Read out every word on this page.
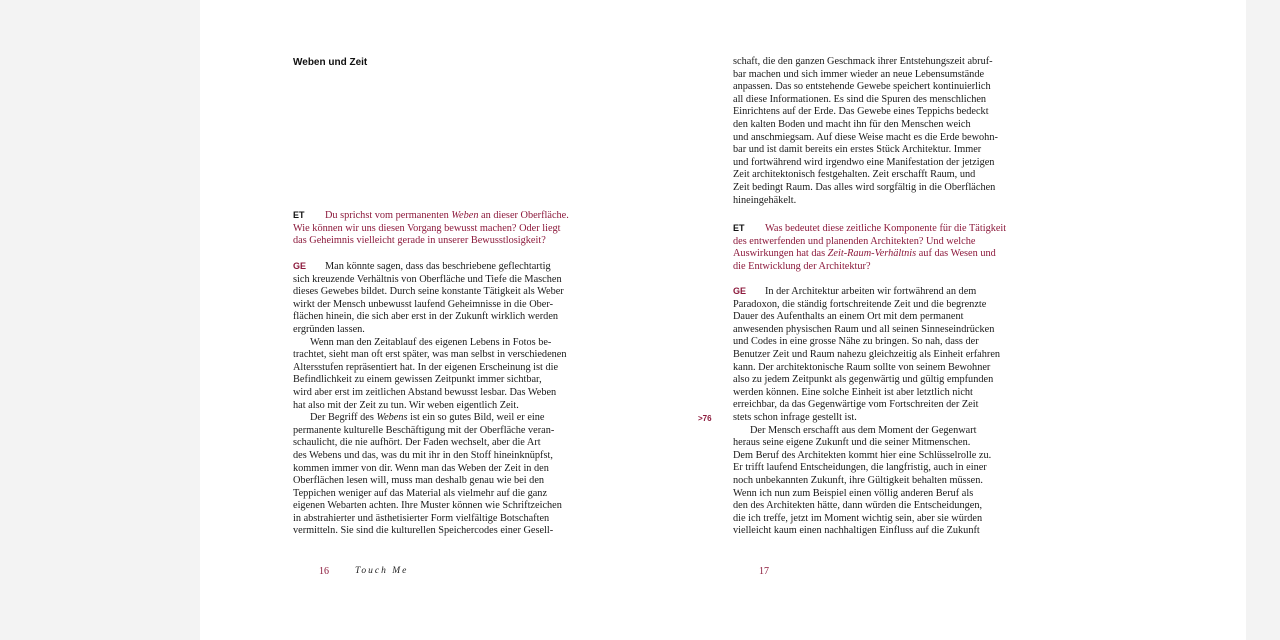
Weben und Zeit
ET Du sprichst vom permanenten Weben an dieser Oberfläche.
Wie können wir uns diesen Vorgang bewusst machen? Oder liegt
das Geheimnis vielleicht gerade in unserer Bewusstlosigkeit?
GE Man könnte sagen, dass das beschriebene geflechtartig
sich kreuzende Verhältnis von Oberfläche und Tiefe die Maschen
dieses Gewebes bildet. Durch seine konstante Tätigkeit als Weber
wirkt der Mensch unbewusst laufend Geheimnisse in die Ober-
flächen hinein, die sich aber erst in der Zukunft wirklich werden
ergründen lassen.
Wenn man den Zeitablauf des eigenen Lebens in Fotos be-
trachtet, sieht man oft erst später, was man selbst in verschiedenen
Altersstufen repräsentiert hat. In der eigenen Erscheinung ist die
Befindlichkeit zu einem gewissen Zeitpunkt immer sichtbar,
wird aber erst im zeitlichen Abstand bewusst lesbar. Das Weben
hat also mit der Zeit zu tun. Wir weben eigentlich Zeit.
Der Begriff des Webens ist ein so gutes Bild, weil er eine
permanente kulturelle Beschäftigung mit der Oberfläche veran-
schaulicht, die nie aufhört. Der Faden wechselt, aber die Art
des Webens und das, was du mit ihr in den Stoff hineinknüpfst,
kommen immer von dir. Wenn man das Weben der Zeit in den
Oberflächen lesen will, muss man deshalb genau wie bei den
Teppichen weniger auf das Material als vielmehr auf die ganz
eigenen Webarten achten. Ihre Muster können wie Schriftzeichen
in abstrahierter und ästhetisierter Form vielfältige Botschaften
vermitteln. Sie sind die kulturellen Speichercodes einer Gesell-
16	Touch Me
schaft, die den ganzen Geschmack ihrer Entstehungszeit abruf-
bar machen und sich immer wieder an neue Lebensumstände
anpassen. Das so entstehende Gewebe speichert kontinuierlich
all diese Informationen. Es sind die Spuren des menschlichen
Einrichtens auf der Erde. Das Gewebe eines Teppichs bedeckt
den kalten Boden und macht ihn für den Menschen weich
und anschmiegsam. Auf diese Weise macht es die Erde bewohn-
bar und ist damit bereits ein erstes Stück Architektur. Immer
und fortwährend wird irgendwo eine Manifestation der jetzigen
Zeit architektonisch festgehalten. Zeit erschafft Raum, und
Zeit bedingt Raum. Das alles wird sorgfältig in die Oberflächen
hineingehäkelt.
ET Was bedeutet diese zeitliche Komponente für die Tätigkeit
des entwerfenden und planenden Architekten? Und welche
Auswirkungen hat das Zeit-Raum-Verhältnis auf das Wesen und
die Entwicklung der Architektur?
GE In der Architektur arbeiten wir fortwährend an dem
Paradoxon, die ständig fortschreitende Zeit und die begrenzte
Dauer des Aufenthalts an einem Ort mit dem permanent
anwesenden physischen Raum und all seinen Sinneseindrücken
und Codes in eine grosse Nähe zu bringen. So nah, dass der
Benutzer Zeit und Raum nahezu gleichzeitig als Einheit erfahren
kann. Der architektonische Raum sollte von seinem Bewohner
also zu jedem Zeitpunkt als gegenwärtig und gültig empfunden
werden können. Eine solche Einheit ist aber letztlich nicht
erreichbar, da das Gegenwärtige vom Fortschreiten der Zeit
stets schon infrage gestellt ist.
Der Mensch erschafft aus dem Moment der Gegenwart
heraus seine eigene Zukunft und die seiner Mitmenschen.
Dem Beruf des Architekten kommt hier eine Schlüsselrolle zu.
Er trifft laufend Entscheidungen, die langfristig, auch in einer
noch unbekannten Zukunft, ihre Gültigkeit behalten müssen.
Wenn ich nun zum Beispiel einen völlig anderen Beruf als
den des Architekten hätte, dann würden die Entscheidungen,
die ich treffe, jetzt im Moment wichtig sein, aber sie würden
vielleicht kaum einen nachhaltigen Einfluss auf die Zukunft
>76
17
